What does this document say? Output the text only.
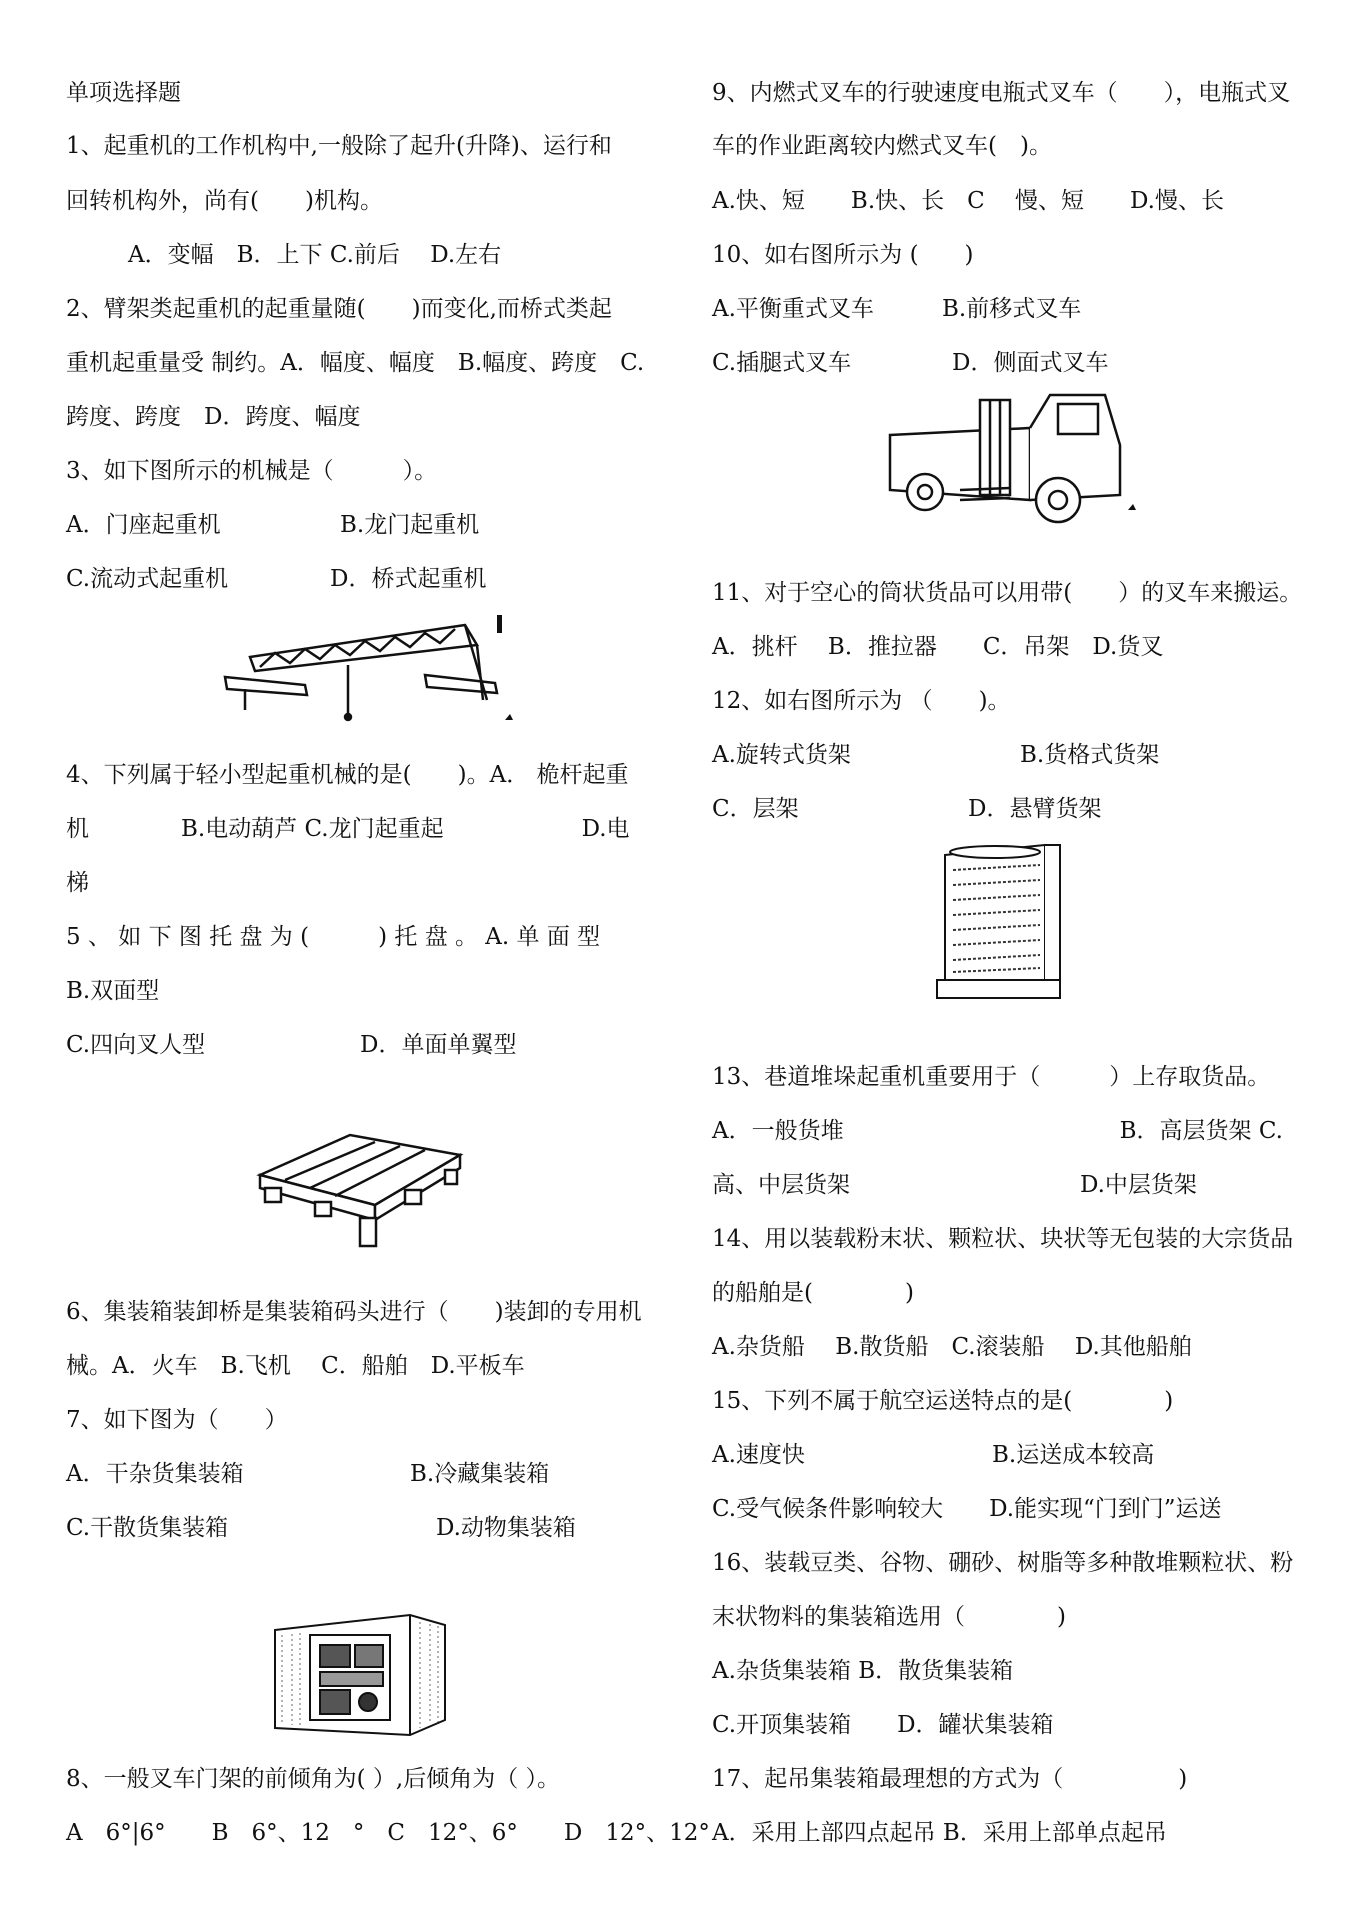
单项选择题
1、起重机的工作机构中,一般除了起升(升降)、运行和
回转机构外，尚有(　　)机构。
A．变幅　B．上下 C.前后　 D.左右
2、臂架类起重机的起重量随(　　)而变化,而桥式类起
重机起重量受 制约。A．幅度、幅度　B.幅度、跨度　C.
跨度、跨度　D．跨度、幅度
3、如下图所示的机械是（　　　）。
A．门座起重机	B.龙门起重机
C.流动式起重机	D．桥式起重机
4、下列属于轻小型起重机械的是(　　)。A． 桅杆起重
机　　　　B.电动葫芦 C.龙门起重起　　　　　　D.电
梯
5 、 如 下 图 托 盘 为 (　　　) 托 盘 。 A. 单 面 型
B.双面型
C.四向叉人型	D．单面单翼型
6、集装箱装卸桥是集装箱码头进行（　　)装卸的专用机
械。A．火车　B.飞机　 C．船舶　D.平板车
7、如下图为（　　）
A．干杂货集装箱	B.冷藏集装箱
C.干散货集装箱	D.动物集装箱
8、一般叉车门架的前倾角为( ）,后倾角为（ ）。
A　6°|6°　　B　6°、12　°　C　12°、6°　　D　12°、12°
9、内燃式叉车的行驶速度电瓶式叉车（　　），电瓶式叉
车的作业距离较内燃式叉车(　)。
A.快、短　　B.快、长　C　 慢、短　　D.慢、长
10、如右图所示为 (　　)
A.平衡重式叉车	B.前移式叉车
C.插腿式叉车	D．侧面式叉车
11、对于空心的筒状货品可以用带(　　）的叉车来搬运。
A．挑杆　 B．推拉器　　C．吊架　D.货叉
12、如右图所示为 （　　)。
A.旋转式货架	B.货格式货架
C．层架	D．悬臂货架
13、巷道堆垛起重机重要用于（　　　）上存取货品。
A．一般货堆　　　　　　　　　　　　B．高层货架 C.
高、中层货架　　　　　　　　　　D.中层货架
14、用以装载粉末状、颗粒状、块状等无包装的大宗货品
的船舶是(　　　　)
A.杂货船　 B.散货船　C.滚装船　 D.其他船舶
15、下列不属于航空运送特点的是(　　　　)
A.速度快	B.运送成本较高
C.受气候条件影响较大　　D.能实现“门到门”运送
16、装载豆类、谷物、硼砂、树脂等多种散堆颗粒状、粉
末状物料的集装箱选用（　　　　)
A.杂货集装箱 B．散货集装箱
C.开顶集装箱　　D．罐状集装箱
17、起吊集装箱最理想的方式为（　　　　　)
A．采用上部四点起吊 B．采用上部单点起吊
